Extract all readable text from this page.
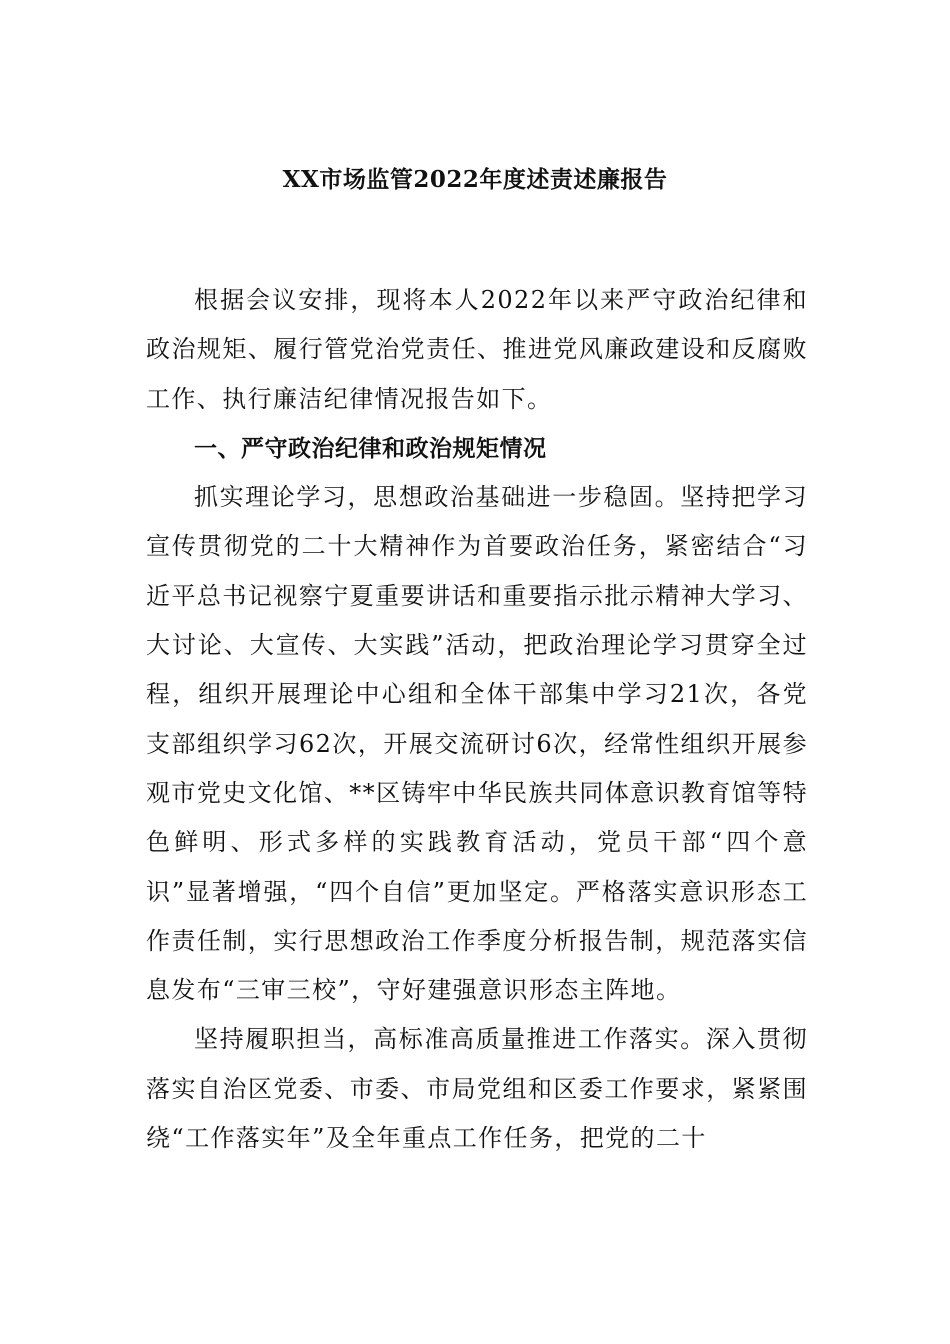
XX市场监管2022年度述责述廉报告

根据会议安排，现将本人2022年以来严守政治纪律和政治规矩、履行管党治党责任、推进党风廉政建设和反腐败工作、执行廉洁纪律情况报告如下。

一、严守政治纪律和政治规矩情况

抓实理论学习，思想政治基础进一步稳固。坚持把学习宣传贯彻党的二十大精神作为首要政治任务，紧密结合“习近平总书记视察宁夏重要讲话和重要指示批示精神大学习、大讨论、大宣传、大实践”活动，把政治理论学习贯穿全过程，组织开展理论中心组和全体干部集中学习21次，各党支部组织学习62次，开展交流研讨6次，经常性组织开展参观市党史文化馆、**区铸牢中华民族共同体意识教育馆等特色鲜明、形式多样的实践教育活动，党员干部“四个意识”显著增强，“四个自信”更加坚定。严格落实意识形态工作责任制，实行思想政治工作季度分析报告制，规范落实信息发布“三审三校”，守好建强意识形态主阵地。

坚持履职担当，高标准高质量推进工作落实。深入贯彻落实自治区党委、市委、市局党组和区委工作要求，紧紧围绕“工作落实年”及全年重点工作任务，把党的二十
